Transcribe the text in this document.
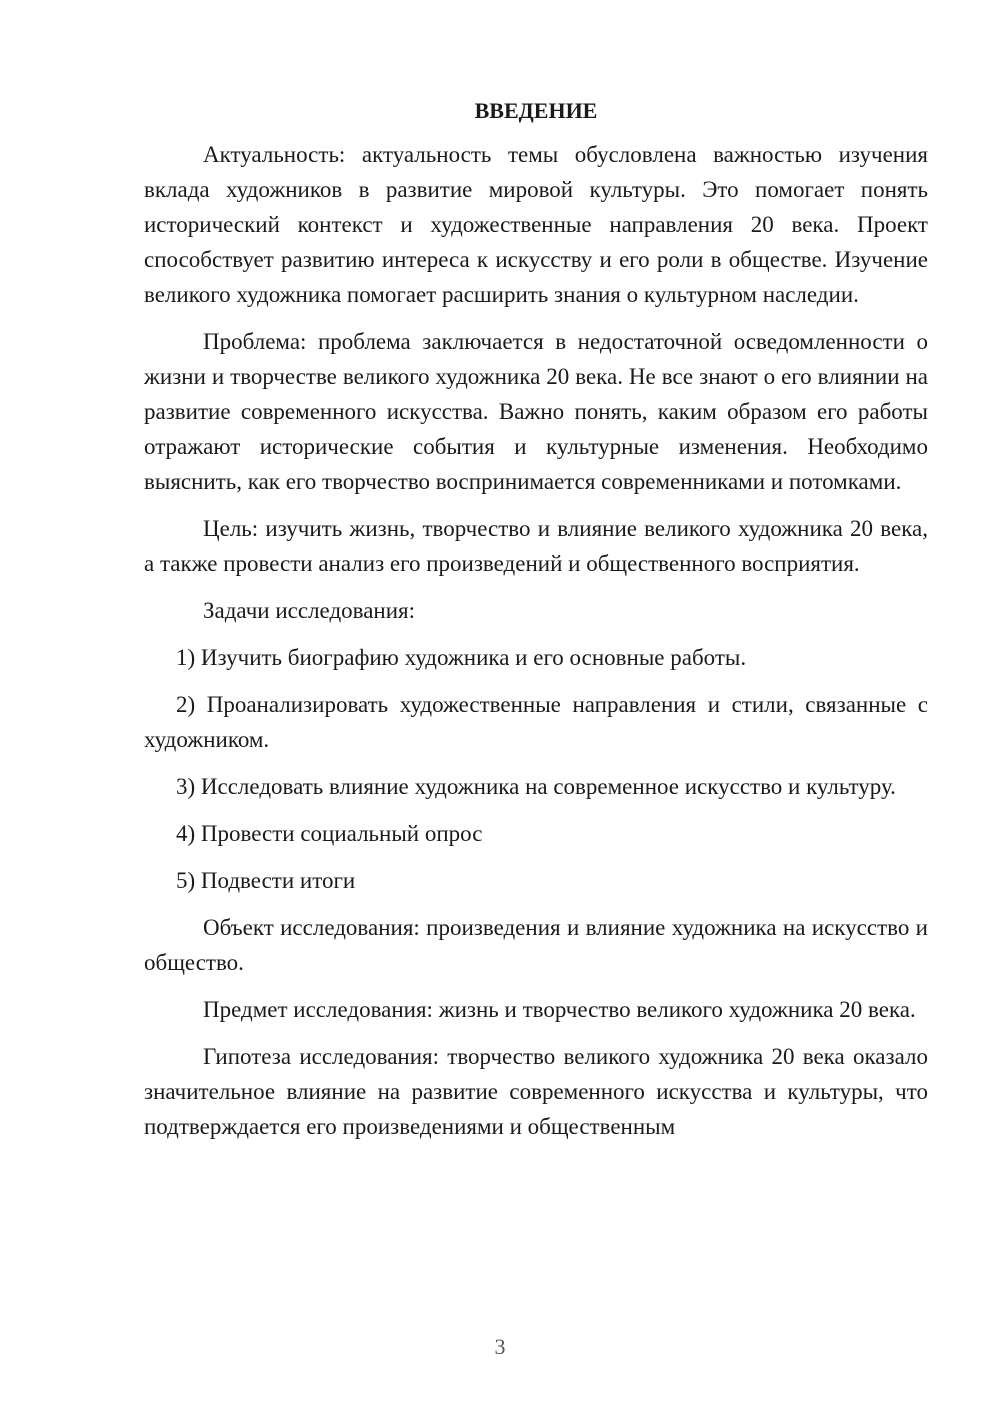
ВВЕДЕНИЕ

Актуальность: актуальность темы обусловлена важностью изучения вклада художников в развитие мировой культуры. Это помогает понять исторический контекст и художественные направления 20 века. Проект способствует развитию интереса к искусству и его роли в обществе. Изучение великого художника помогает расширить знания о культурном наследии.

Проблема: проблема заключается в недостаточной осведомленности о жизни и творчестве великого художника 20 века. Не все знают о его влиянии на развитие современного искусства. Важно понять, каким образом его работы отражают исторические события и культурные изменения. Необходимо выяснить, как его творчество воспринимается современниками и потомками.

Цель: изучить жизнь, творчество и влияние великого художника 20 века, а также провести анализ его произведений и общественного восприятия.

Задачи исследования:

1) Изучить биографию художника и его основные работы.

2) Проанализировать художественные направления и стили, связанные с художником.

3) Исследовать влияние художника на современное искусство и культуру.

4) Провести социальный опрос

5) Подвести итоги

Объект исследования: произведения и влияние художника на искусство и общество.

Предмет исследования: жизнь и творчество великого художника 20 века.

Гипотеза исследования: творчество великого художника 20 века оказало значительное влияние на развитие современного искусства и культуры, что подтверждается его произведениями и общественным

3
